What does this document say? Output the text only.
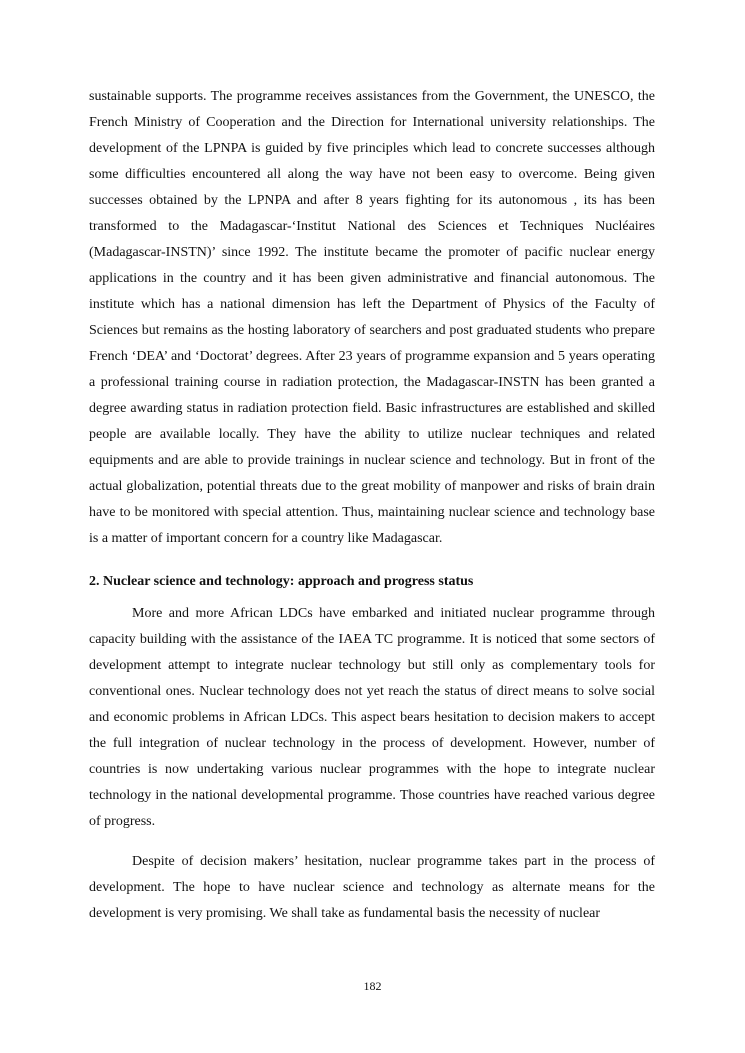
sustainable supports. The programme receives assistances from the Government, the UNESCO, the French Ministry of Cooperation and the Direction for International university relationships. The development of the LPNPA is guided by five principles which lead to concrete successes although some difficulties encountered all along the way have not been easy to overcome. Being given successes obtained by the LPNPA and after 8 years fighting for its autonomous , its has been transformed to the Madagascar-‘Institut National des Sciences et Techniques Nucléaires (Madagascar-INSTN)’ since 1992. The institute became the promoter of pacific nuclear energy applications in the country and it has been given administrative and financial autonomous. The institute which has a national dimension has left the Department of Physics of the Faculty of Sciences but remains as the hosting laboratory of searchers and post graduated students who prepare French ‘DEA’ and ‘Doctorat’ degrees. After 23 years of programme expansion and 5 years operating a professional training course in radiation protection, the Madagascar-INSTN has been granted a degree awarding status in radiation protection field. Basic infrastructures are established and skilled people are available locally. They have the ability to utilize nuclear techniques and related equipments and are able to provide trainings in nuclear science and technology. But in front of the actual globalization, potential threats due to the great mobility of manpower and risks of brain drain have to be monitored with special attention. Thus, maintaining nuclear science and technology base is a matter of important concern for a country like Madagascar.

2. Nuclear science and technology: approach and progress status

More and more African LDCs have embarked and initiated nuclear programme through capacity building with the assistance of the IAEA TC programme. It is noticed that some sectors of development attempt to integrate nuclear technology but still only as complementary tools for conventional ones. Nuclear technology does not yet reach the status of direct means to solve social and economic problems in African LDCs. This aspect bears hesitation to decision makers to accept the full integration of nuclear technology in the process of development. However, number of countries is now undertaking various nuclear programmes with the hope to integrate nuclear technology in the national developmental programme. Those countries have reached various degree of progress.

Despite of decision makers’ hesitation, nuclear programme takes part in the process of development. The hope to have nuclear science and technology as alternate means for the development is very promising. We shall take as fundamental basis the necessity of nuclear

182
